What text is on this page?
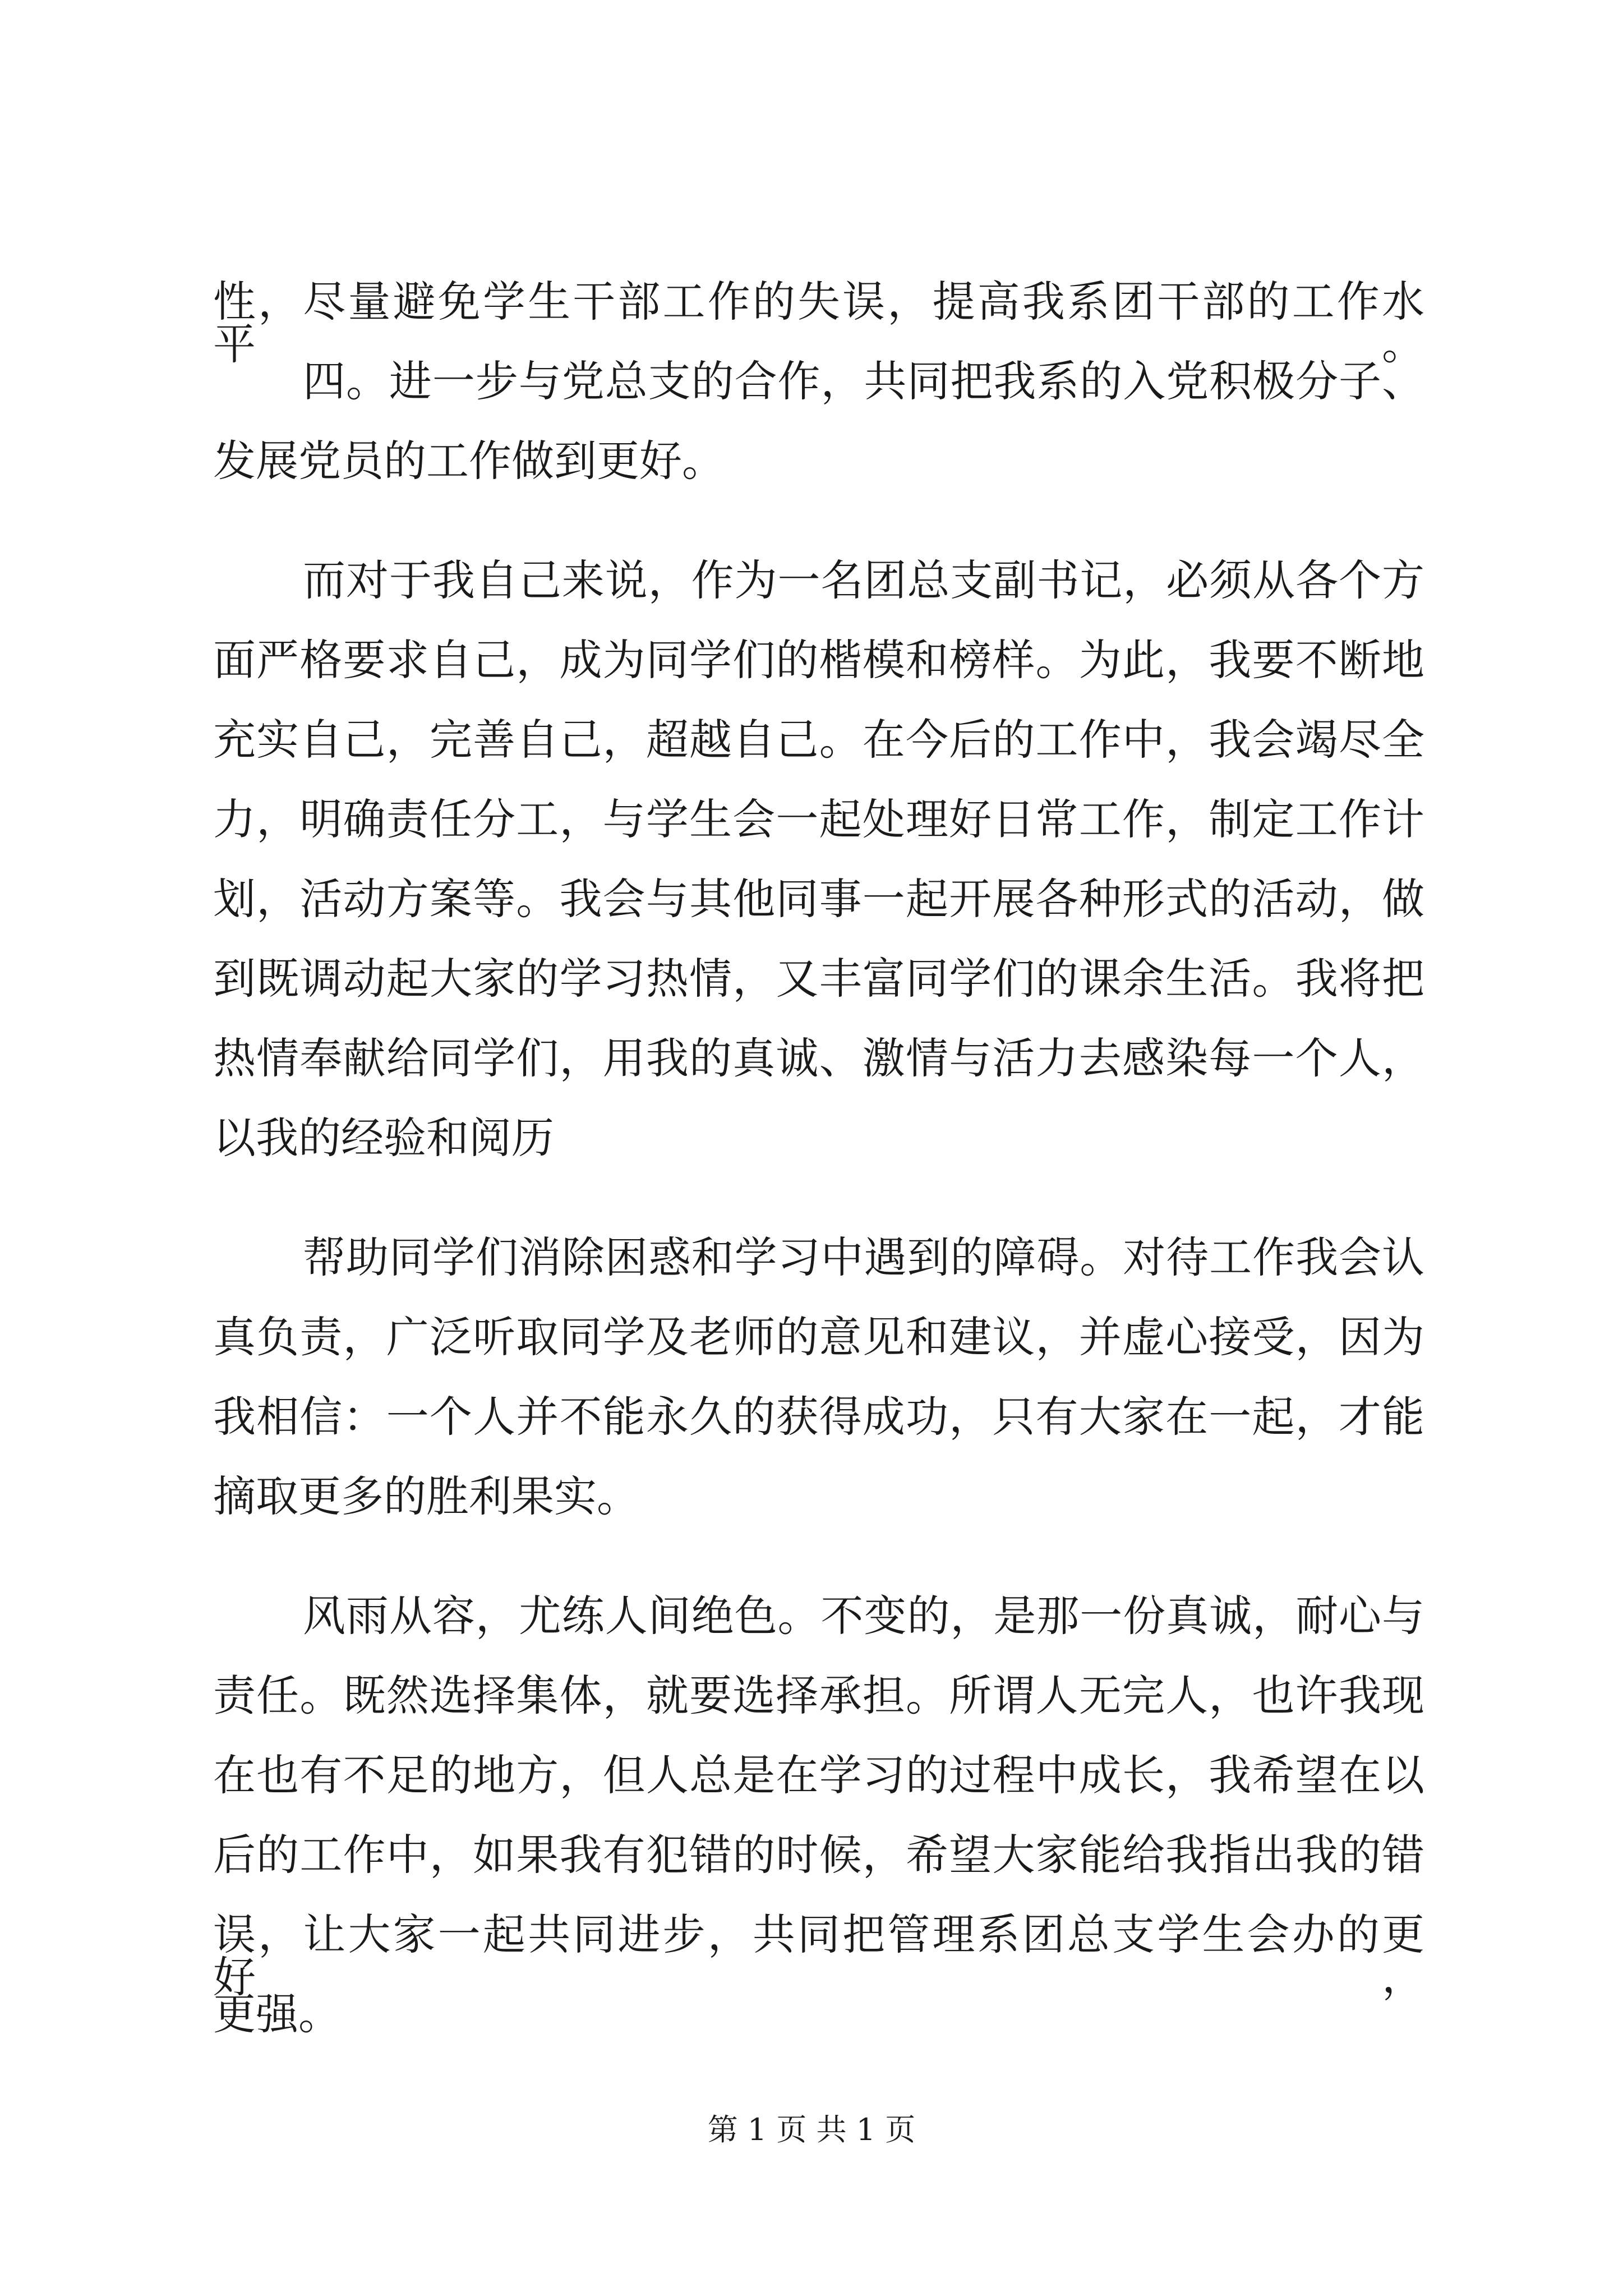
性，尽量避免学生干部工作的失误，提高我系团干部的工作水平。
四。进一步与党总支的合作，共同把我系的入党积极分子、
发展党员的工作做到更好。
而对于我自己来说，作为一名团总支副书记，必须从各个方
面严格要求自己，成为同学们的楷模和榜样。为此，我要不断地
充实自己，完善自己，超越自己。在今后的工作中，我会竭尽全
力，明确责任分工，与学生会一起处理好日常工作，制定工作计
划，活动方案等。我会与其他同事一起开展各种形式的活动，做
到既调动起大家的学习热情，又丰富同学们的课余生活。我将把
热情奉献给同学们，用我的真诚、激情与活力去感染每一个人，
以我的经验和阅历
帮助同学们消除困惑和学习中遇到的障碍。对待工作我会认
真负责，广泛听取同学及老师的意见和建议，并虚心接受，因为
我相信：一个人并不能永久的获得成功，只有大家在一起，才能
摘取更多的胜利果实。
风雨从容，尤练人间绝色。不变的，是那一份真诚，耐心与
责任。既然选择集体，就要选择承担。所谓人无完人，也许我现
在也有不足的地方，但人总是在学习的过程中成长，我希望在以
后的工作中，如果我有犯错的时候，希望大家能给我指出我的错
误，让大家一起共同进步，共同把管理系团总支学生会办的更好，
更强。
第 1 页 共 1 页
